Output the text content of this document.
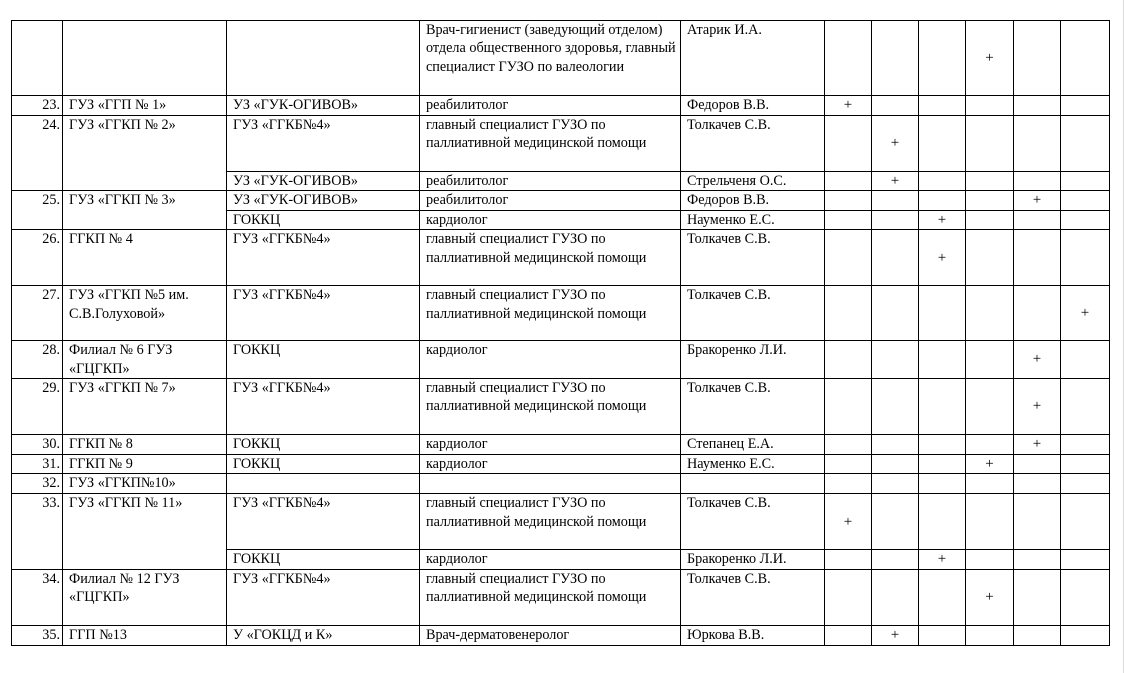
			Врач-гигиенист (заведующий отделом) отдела общественного здоровья, главный специалист ГУЗО по валеологии	Атарик И.А.				+		
23.	ГУЗ «ГГП № 1»	УЗ «ГУК-ОГИВОВ»	реабилитолог	Федоров В.В.	+					
24.	ГУЗ «ГГКП № 2»	ГУЗ «ГГКБ№4»	главный специалист ГУЗО по паллиативной медицинской помощи	Толкачев С.В.		+				
		УЗ «ГУК-ОГИВОВ»	реабилитолог	Стрельченя О.С.		+				
25.	ГУЗ «ГГКП № 3»	УЗ «ГУК-ОГИВОВ»	реабилитолог	Федоров В.В.					+	
		ГОККЦ	кардиолог	Науменко Е.С.			+			
26.	ГГКП № 4	ГУЗ «ГГКБ№4»	главный специалист ГУЗО по паллиативной медицинской помощи	Толкачев С.В.			+			
27.	ГУЗ «ГГКП №5 им. С.В.Голуховой»	ГУЗ «ГГКБ№4»	главный специалист ГУЗО по паллиативной медицинской помощи	Толкачев С.В.						+
28.	Филиал № 6 ГУЗ «ГЦГКП»	ГОККЦ	кардиолог	Бракоренко Л.И.					+	
29.	ГУЗ «ГГКП № 7»	ГУЗ «ГГКБ№4»	главный специалист ГУЗО по паллиативной медицинской помощи	Толкачев С.В.					+	
30.	ГГКП № 8	ГОККЦ	кардиолог	Степанец Е.А.					+	
31.	ГГКП № 9	ГОККЦ	кардиолог	Науменко Е.С.				+		
32.	ГУЗ «ГГКП№10»									
33.	ГУЗ «ГГКП № 11»	ГУЗ «ГГКБ№4»	главный специалист ГУЗО по паллиативной медицинской помощи	Толкачев С.В.	+					
		ГОККЦ	кардиолог	Бракоренко Л.И.			+			
34.	Филиал № 12 ГУЗ «ГЦГКП»	ГУЗ «ГГКБ№4»	главный специалист ГУЗО по паллиативной медицинской помощи	Толкачев С.В.				+		
35.	ГГП №13	У «ГОКЦД и К»	Врач-дерматовенеролог	Юркова В.В.		+				
